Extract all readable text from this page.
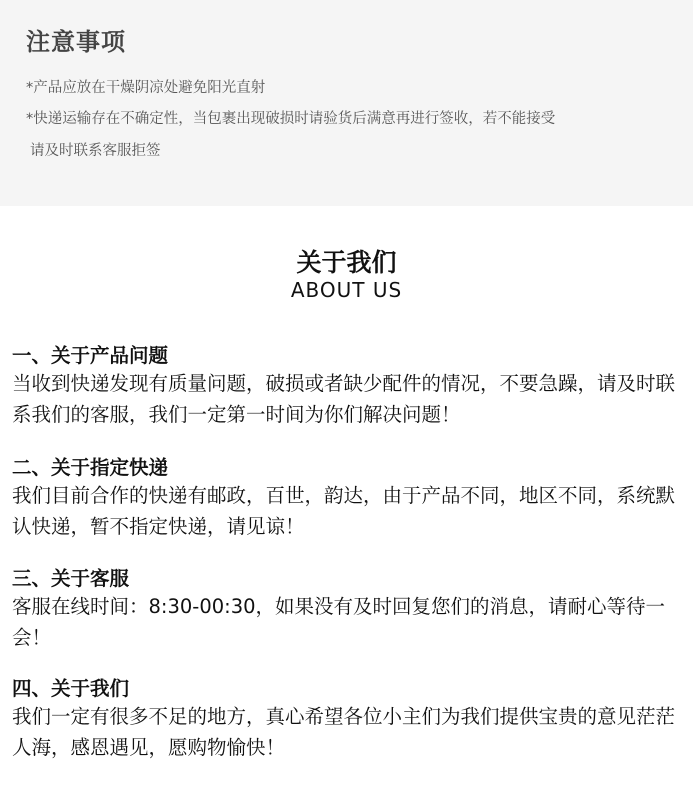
注意事项
*产品应放在干燥阴凉处避免阳光直射
*快递运输存在不确定性，当包裹出现破损时请验货后满意再进行签收，若不能接受
请及时联系客服拒签
关于我们
ABOUT US
一、关于产品问题
当收到快递发现有质量问题，破损或者缺少配件的情况，不要急躁，请及时联系我们的客服，我们一定第一时间为你们解决问题！
二、关于指定快递
我们目前合作的快递有邮政，百世，韵达，由于产品不同，地区不同，系统默认快递，暂不指定快递，请见谅！
三、关于客服
客服在线时间：8:30-00:30，如果没有及时回复您们的消息，请耐心等待一会！
四、关于我们
我们一定有很多不足的地方，真心希望各位小主们为我们提供宝贵的意见茫茫人海，感恩遇见，愿购物愉快！
